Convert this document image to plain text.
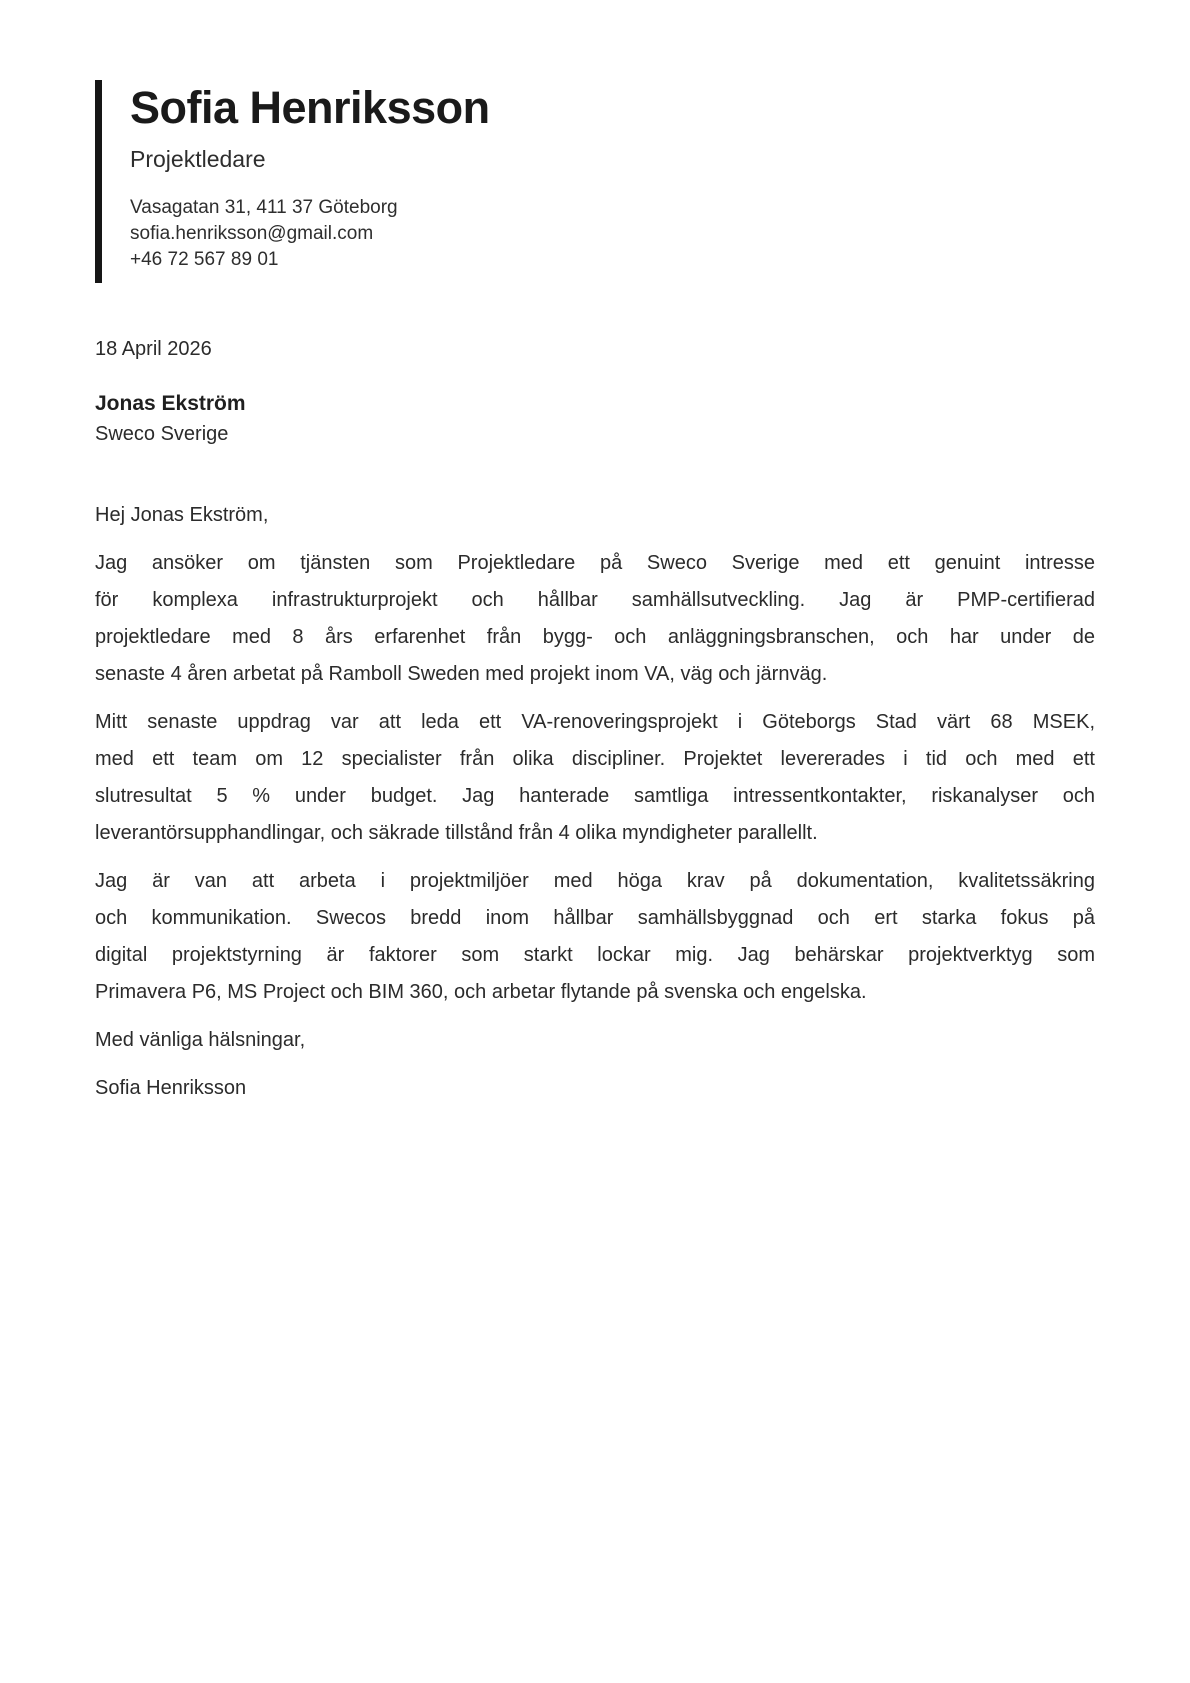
Sofia Henriksson
Projektledare
Vasagatan 31, 411 37 Göteborg
sofia.henriksson@gmail.com
+46 72 567 89 01
18 April 2026
Jonas Ekström
Sweco Sverige

Hej Jonas Ekström,

Jag ansöker om tjänsten som Projektledare på Sweco Sverige med ett genuint intresse
för komplexa infrastrukturprojekt och hållbar samhällsutveckling. Jag är PMP-certifierad
projektledare med 8 års erfarenhet från bygg- och anläggningsbranschen, och har under de
senaste 4 åren arbetat på Ramboll Sweden med projekt inom VA, väg och järnväg.

Mitt senaste uppdrag var att leda ett VA-renoveringsprojekt i Göteborgs Stad värt 68 MSEK,
med ett team om 12 specialister från olika discipliner. Projektet levererades i tid och med ett
slutresultat 5 % under budget. Jag hanterade samtliga intressentkontakter, riskanalyser och
leverantörsupphandlingar, och säkrade tillstånd från 4 olika myndigheter parallellt.

Jag är van att arbeta i projektmiljöer med höga krav på dokumentation, kvalitetssäkring
och kommunikation. Swecos bredd inom hållbar samhällsbyggnad och ert starka fokus på
digital projektstyrning är faktorer som starkt lockar mig. Jag behärskar projektverktyg som
Primavera P6, MS Project och BIM 360, och arbetar flytande på svenska och engelska.

Med vänliga hälsningar,

Sofia Henriksson
